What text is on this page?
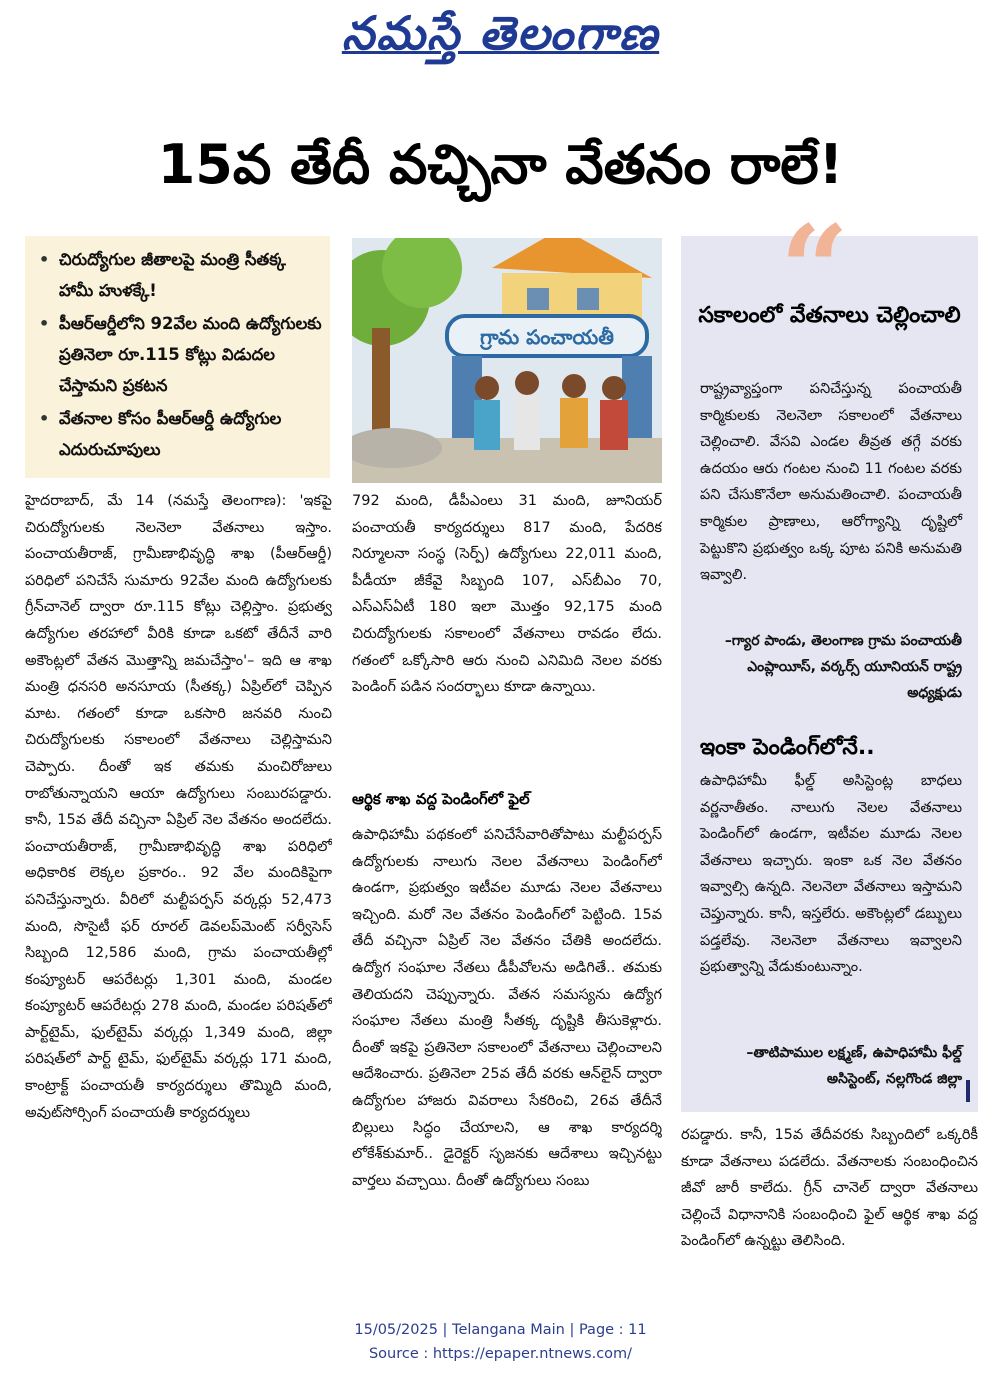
నమస్తే తెలంగాణ
15వ తేదీ వచ్చినా వేతనం రాలే!
• చిరుద్యోగుల జీతాలపై మంత్రి సీతక్క హామీ హుళక్కే!
• పీఆర్ఆర్డీలోని 92వేల మంది ఉద్యోగులకు ప్రతినెలా రూ.115 కోట్లు విడుదల చేస్తామని ప్రకటన
• వేతనాల కోసం పీఆర్ఆర్డీ ఉద్యోగుల ఎదురుచూపులు
గ్రామ పంచాయతీ “
సకాలంలో వేతనాలు చెల్లించాలి
రాష్ట్రవ్యాప్తంగా పనిచేస్తున్న పంచాయతీ కార్మికులకు నెలనెలా సకాలంలో వేతనాలు చెల్లించాలి. వేసవి ఎండల తీవ్రత తగ్గే వరకు ఉదయం ఆరు గంటల నుంచి 11 గంటల వరకు పని చేసుకొనేలా అనుమతించాలి. పంచాయతీ కార్మికుల ప్రాణాలు, ఆరోగ్యాన్ని దృష్టిలో పెట్టుకొని ప్రభుత్వం ఒక్క పూట పనికి అనుమతి ఇవ్వాలి.
–గ్యార పాండు, తెలంగాణ గ్రామ పంచాయతీ ఎంప్లాయీస్, వర్కర్స్ యూనియన్ రాష్ట్ర అధ్యక్షుడు
ఇంకా పెండింగ్‌లోనే..
ఉపాధిహామీ ఫీల్డ్ అసిస్టెంట్ల బాధలు వర్ణనాతీతం. నాలుగు నెలల వేతనాలు పెండింగ్‌లో ఉండగా, ఇటీవల మూడు నెలల వేతనాలు ఇచ్చారు. ఇంకా ఒక నెల వేతనం ఇవ్వాల్సి ఉన్నది. నెలనెలా వేతనాలు ఇస్తామని చెప్తున్నారు. కానీ, ఇస్తలేరు. అకౌంట్లలో డబ్బులు పడ్తలేవు. నెలనెలా వేతనాలు ఇవ్వాలని ప్రభుత్వాన్ని వేడుకుంటున్నాం.
–తాటిపాముల లక్ష్మణ్, ఉపాధిహామీ ఫీల్డ్ అసిస్టెంట్, నల్లగొండ జిల్లా
హైదరాబాద్, మే 14 (నమస్తే తెలంగాణ): 'ఇకపై చిరుద్యోగులకు నెలనెలా వేతనాలు ఇస్తాం. పంచాయతీరాజ్, గ్రామీణాభివృద్ధి శాఖ (పీఆర్ఆర్డీ) పరిధిలో పనిచేసే సుమారు 92వేల మంది ఉద్యోగులకు గ్రీన్‌చానెల్ ద్వారా రూ.115 కోట్లు చెల్లిస్తాం. ప్రభుత్వ ఉద్యోగుల తరహాలో వీరికి కూడా ఒకటో తేదీనే వారి అకౌంట్లలో వేతన మొత్తాన్ని జమచేస్తాం'– ఇది ఆ శాఖ మంత్రి ధనసరి అనసూయ (సీతక్క) ఏప్రిల్‌లో చెప్పిన మాట. గతంలో కూడా ఒకసారి జనవరి నుంచి చిరుద్యోగులకు సకాలంలో వేతనాలు చెల్లిస్తామని చెప్పారు. దీంతో ఇక తమకు మంచిరోజులు రాబోతున్నాయని ఆయా ఉద్యోగులు సంబురపడ్డారు. కానీ, 15వ తేదీ వచ్చినా ఏప్రిల్ నెల వేతనం అందలేదు. పంచాయతీరాజ్, గ్రామీణాభివృద్ధి శాఖ పరిధిలో అధికారిక లెక్కల ప్రకారం.. 92 వేల మందికిపైగా పనిచేస్తున్నారు. వీరిలో మల్టీపర్పస్ వర్కర్లు 52,473 మంది, సొసైటీ ఫర్ రూరల్ డెవలప్‌మెంట్ సర్వీసెస్ సిబ్బంది 12,586 మంది, గ్రామ పంచాయతీల్లో కంప్యూటర్ ఆపరేటర్లు 1,301 మంది, మండల కంప్యూటర్ ఆపరేటర్లు 278 మంది, మండల పరిషత్‌లో పార్ట్‌టైమ్, ఫుల్‌టైమ్ వర్కర్లు 1,349 మంది, జిల్లా పరిషత్‌లో పార్ట్ టైమ్, ఫుల్‌టైమ్ వర్కర్లు 171 మంది, కాంట్రాక్ట్ పంచాయతీ కార్యదర్శులు తొమ్మిది మంది, అవుట్‌సోర్సింగ్ పంచాయతీ కార్యదర్శులు
792 మంది, డీపీఎంలు 31 మంది, జూనియర్ పంచాయతీ కార్యదర్శులు 817 మంది, పేదరిక నిర్మూలనా సంస్థ (సెర్ప్) ఉద్యోగులు 22,011 మంది, పీడీయా జీకేవై సిబ్బంది 107, ఎస్‌బీఎం 70, ఎస్‌ఎస్‌ఏటీ 180 ఇలా మొత్తం 92,175 మంది చిరుద్యోగులకు సకాలంలో వేతనాలు రావడం లేదు. గతంలో ఒక్కోసారి ఆరు నుంచి ఎనిమిది నెలల వరకు పెండింగ్ పడిన సందర్భాలు కూడా ఉన్నాయి.
ఆర్థిక శాఖ వద్ద పెండింగ్‌లో ఫైల్
ఉపాధిహామీ పథకంలో పనిచేసేవారితోపాటు మల్టీపర్పస్ ఉద్యోగులకు నాలుగు నెలల వేతనాలు పెండింగ్‌లో ఉండగా, ప్రభుత్వం ఇటీవల మూడు నెలల వేతనాలు ఇచ్చింది. మరో నెల వేతనం పెండింగ్‌లో పెట్టింది. 15వ తేదీ వచ్చినా ఏప్రిల్ నెల వేతనం చేతికి అందలేదు. ఉద్యోగ సంఘాల నేతలు డీపీవోలను అడిగితే.. తమకు తెలియదని చెప్పున్నారు. వేతన సమస్యను ఉద్యోగ సంఘాల నేతలు మంత్రి సీతక్క దృష్టికి తీసుకెళ్లారు. దీంతో ఇకపై ప్రతినెలా సకాలంలో వేతనాలు చెల్లించాలని ఆదేశించారు. ప్రతినెలా 25వ తేదీ వరకు ఆన్‌లైన్ ద్వారా ఉద్యోగుల హాజరు వివరాలు సేకరించి, 26వ తేదీనే బిల్లులు సిద్ధం చేయాలని, ఆ శాఖ కార్యదర్శి లోకేశ్‌కుమార్.. డైరెక్టర్ సృజనకు ఆదేశాలు ఇచ్చినట్టు వార్తలు వచ్చాయి. దీంతో ఉద్యోగులు సంబు
రపడ్డారు. కానీ, 15వ తేదీవరకు సిబ్బందిలో ఒక్కరికీ కూడా వేతనాలు పడలేదు. వేతనాలకు సంబంధించిన జీవో జారీ కాలేదు. గ్రీన్ చానెల్ ద్వారా వేతనాలు చెల్లించే విధానానికి సంబంధించి ఫైల్ ఆర్థిక శాఖ వద్ద పెండింగ్‌లో ఉన్నట్టు తెలిసింది.
15/05/2025 | Telangana Main | Page : 11
Source : https://epaper.ntnews.com/
